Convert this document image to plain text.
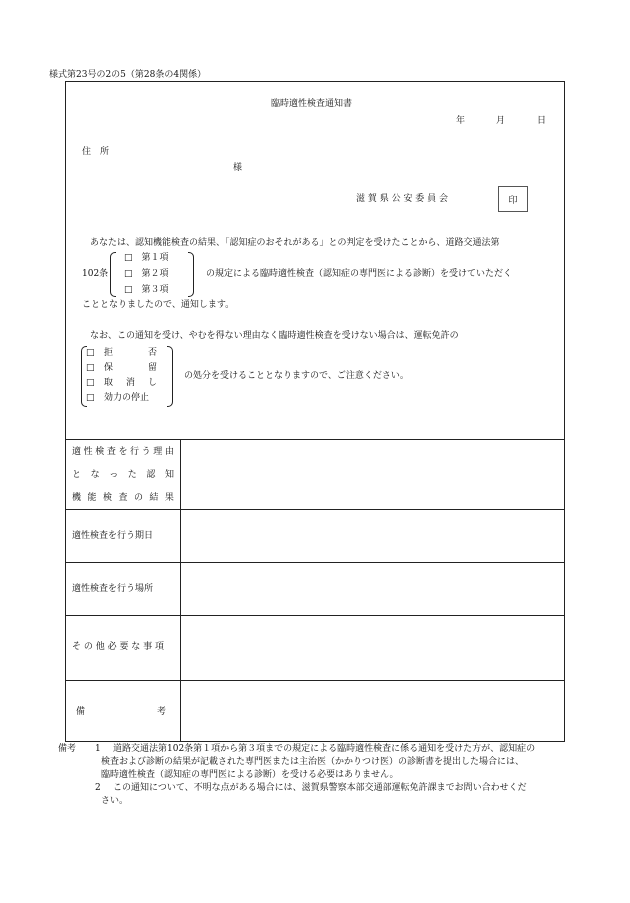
様式第23号の2の5（第28条の4関係）
臨時適性検査通知書
年	月	日
住　所
様
滋 賀 県 公 安 委 員 会	印
あなたは、認知機能検査の結果、「認知症のおそれがある」との判定を受けたことから、道路交通法第
102条
□　第１項
□　第２項
□　第３項
の規定による臨時適性検査（認知症の専門医による診断）を受けていただく
こととなりましたので、通知します。
なお、この通知を受け、やむを得ない理由なく臨時適性検査を受けない場合は、運転免許の
□ 拒	否
□ 保	留
□ 取 消 し
□ 効力の停止
の処分を受けることとなりますので、ご注意ください。
適 性 検 査 を 行 う 理 由
と な っ た 認 知
機 能 検 査 の 結 果
適性検査を行う期日
適性検査を行う場所
そ の 他 必 要 な 事 項
備　　　　　　　　考
備考 1 道路交通法第102条第１項から第３項までの規定による臨時適性検査に係る通知を受けた方が、認知症の
検査および診断の結果が記載された専門医または主治医（かかりつけ医）の診断書を提出した場合には、
臨時適性検査（認知症の専門医による診断）を受ける必要はありません。
2 この通知について、不明な点がある場合には、滋賀県警察本部交通部運転免許課までお問い合わせくだ
さい。
